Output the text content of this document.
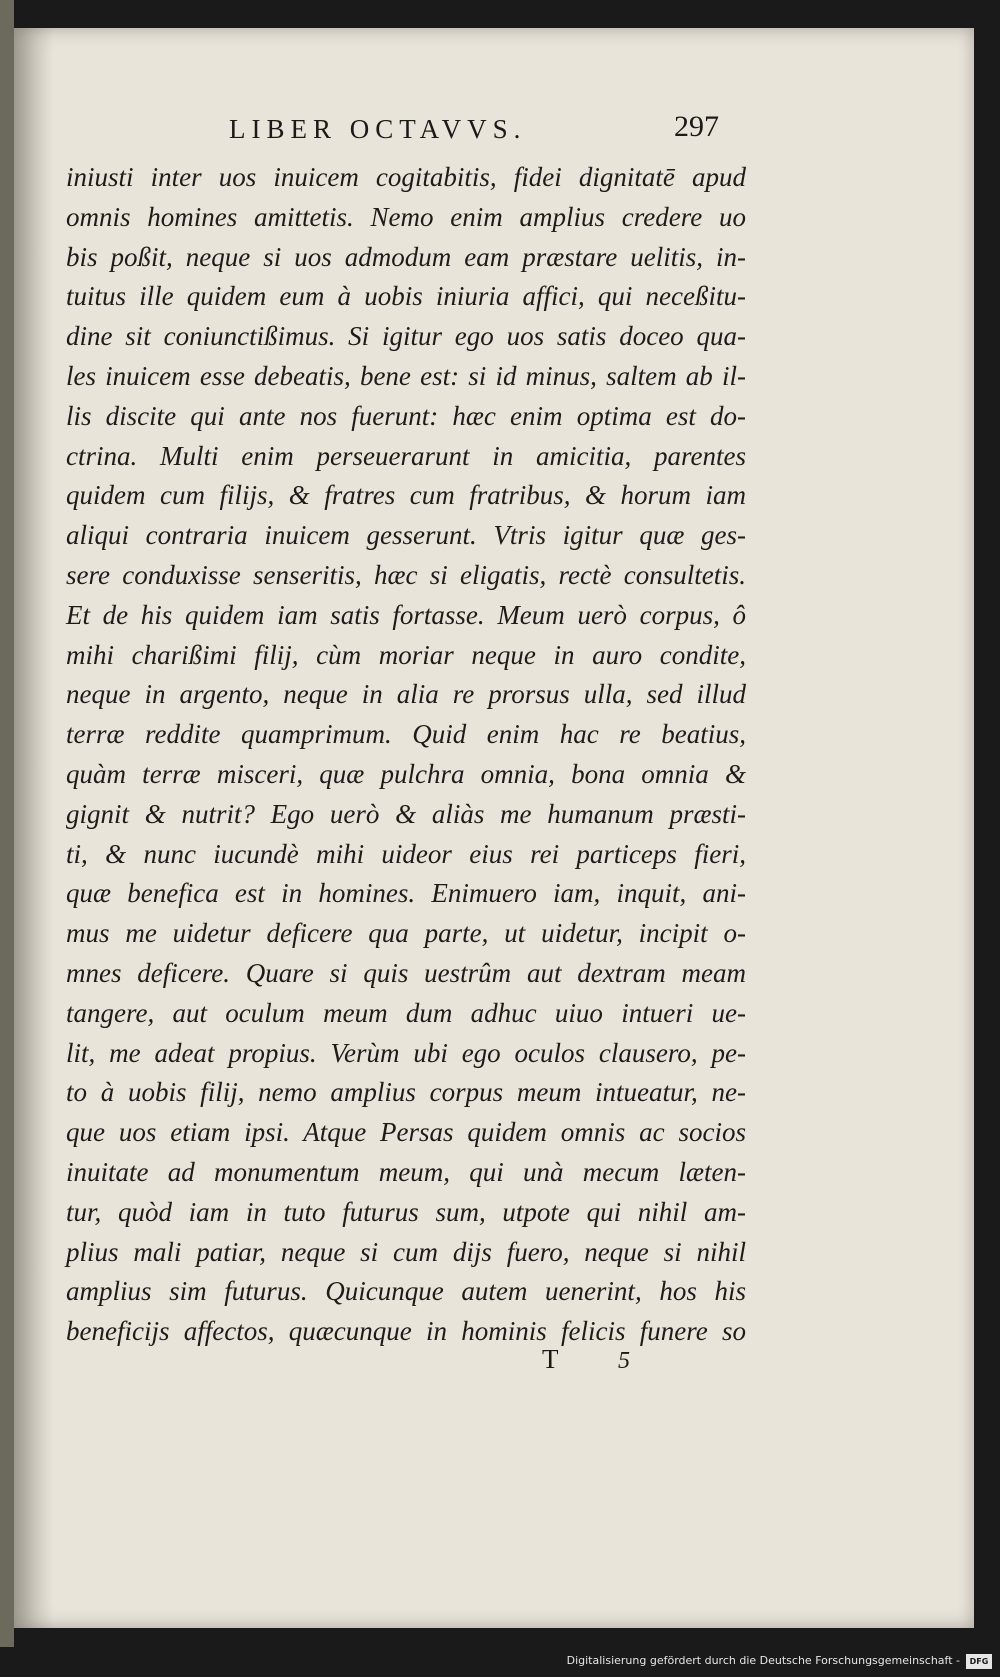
LIBER OCTAVVS.	297
iniusti inter uos inuicem cogitabitis, fidei dignitatē apud
omnis homines amittetis. Nemo enim amplius credere uo
bis poßit, neque si uos admodum eam præstare uelitis, in-
tuitus ille quidem eum à uobis iniuria affici, qui neceßitu-
dine sit coniunctißimus. Si igitur ego uos satis doceo qua-
les inuicem esse debeatis, bene est: si id minus, saltem ab il-
lis discite qui ante nos fuerunt: hæc enim optima est do-
ctrina. Multi enim perseuerarunt in amicitia, parentes
quidem cum filijs, & fratres cum fratribus, & horum iam
aliqui contraria inuicem gesserunt. Vtris igitur quæ ges-
sere conduxisse senseritis, hæc si eligatis, rectè consultetis.
Et de his quidem iam satis fortasse. Meum uerò corpus, ô
mihi charißimi filij, cùm moriar neque in auro condite,
neque in argento, neque in alia re prorsus ulla, sed illud
terræ reddite quamprimum. Quid enim hac re beatius,
quàm terræ misceri, quæ pulchra omnia, bona omnia &
gignit & nutrit? Ego uerò & aliàs me humanum præsti-
ti, & nunc iucundè mihi uideor eius rei particeps fieri,
quæ benefica est in homines. Enimuero iam, inquit, ani-
mus me uidetur deficere qua parte, ut uidetur, incipit o-
mnes deficere. Quare si quis uestrûm aut dextram meam
tangere, aut oculum meum dum adhuc uiuo intueri ue-
lit, me adeat propius. Verùm ubi ego oculos clausero, pe-
to à uobis filij, nemo amplius corpus meum intueatur, ne-
que uos etiam ipsi. Atque Persas quidem omnis ac socios
inuitate ad monumentum meum, qui unà mecum læten-
tur, quòd iam in tuto futurus sum, utpote qui nihil am-
plius mali patiar, neque si cum dijs fuero, neque si nihil
amplius sim futurus. Quicunque autem uenerint, hos his
beneficijs affectos, quæcunque in hominis felicis funere so
T 5
Digitalisierung gefördert durch die Deutsche Forschungsgemeinschaft -	DFG
